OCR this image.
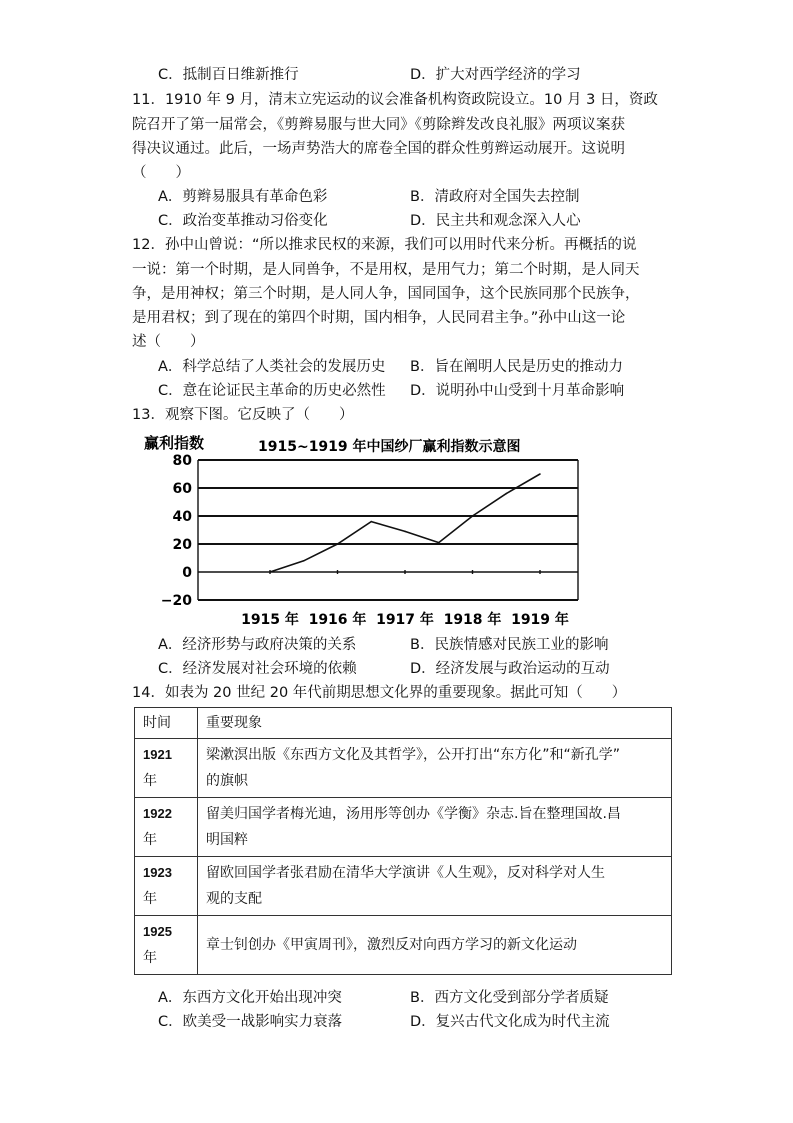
C．抵制百日维新推行	D．扩大对西学经济的学习
11．1910 年 9 月，清末立宪运动的议会准备机构资政院设立。10 月 3 日，资政
院召开了第一届常会，《剪辫易服与世大同》《剪除辫发改良礼服》两项议案获
得决议通过。此后，一场声势浩大的席卷全国的群众性剪辫运动展开。这说明
（　　）
A．剪辫易服具有革命色彩	B．清政府对全国失去控制
C．政治变革推动习俗变化	D．民主共和观念深入人心
12．孙中山曾说：“所以推求民权的来源，我们可以用时代来分析。再概括的说
一说：第一个时期，是人同兽争，不是用权，是用气力；第二个时期，是人同天
争，是用神权；第三个时期，是人同人争，国同国争，这个民族同那个民族争，
是用君权；到了现在的第四个时期，国内相争，人民同君主争。”孙中山这一论
述（　　）
A．科学总结了人类社会的发展历史 B．旨在阐明人民是历史的推动力
C．意在论证民主革命的历史必然性 D．说明孙中山受到十月革命影响
13．观察下图。它反映了（　　）
赢利指数	1915~1919 年中国纱厂赢利指数示意图
80
60
40
20
0
−20
1915 年 1916 年 1917 年 1918 年 1919 年
A．经济形势与政府决策的关系	B．民族情感对民族工业的影响
C．经济发展对社会环境的依赖	D．经济发展与政治运动的互动
14．如表为 20 世纪 20 年代前期思想文化界的重要现象。据此可知（　　）
时间	重要现象

1921
年	梁漱溟出版《东西方文化及其哲学》，公开打出“东方化”和“新孔学”
的旗帜

1922
年	留美归国学者梅光迪，汤用彤等创办《学衡》杂志.旨在整理国故.昌
明国粹

1923
年	留欧回国学者张君励在清华大学演讲《人生观》，反对科学对人生
观的支配

1925
年	章士钊创办《甲寅周刊》，激烈反对向西方学习的新文化运动
A．东西方文化开始出现冲突	B．西方文化受到部分学者质疑
C．欧美受一战影响实力衰落	D．复兴古代文化成为时代主流
